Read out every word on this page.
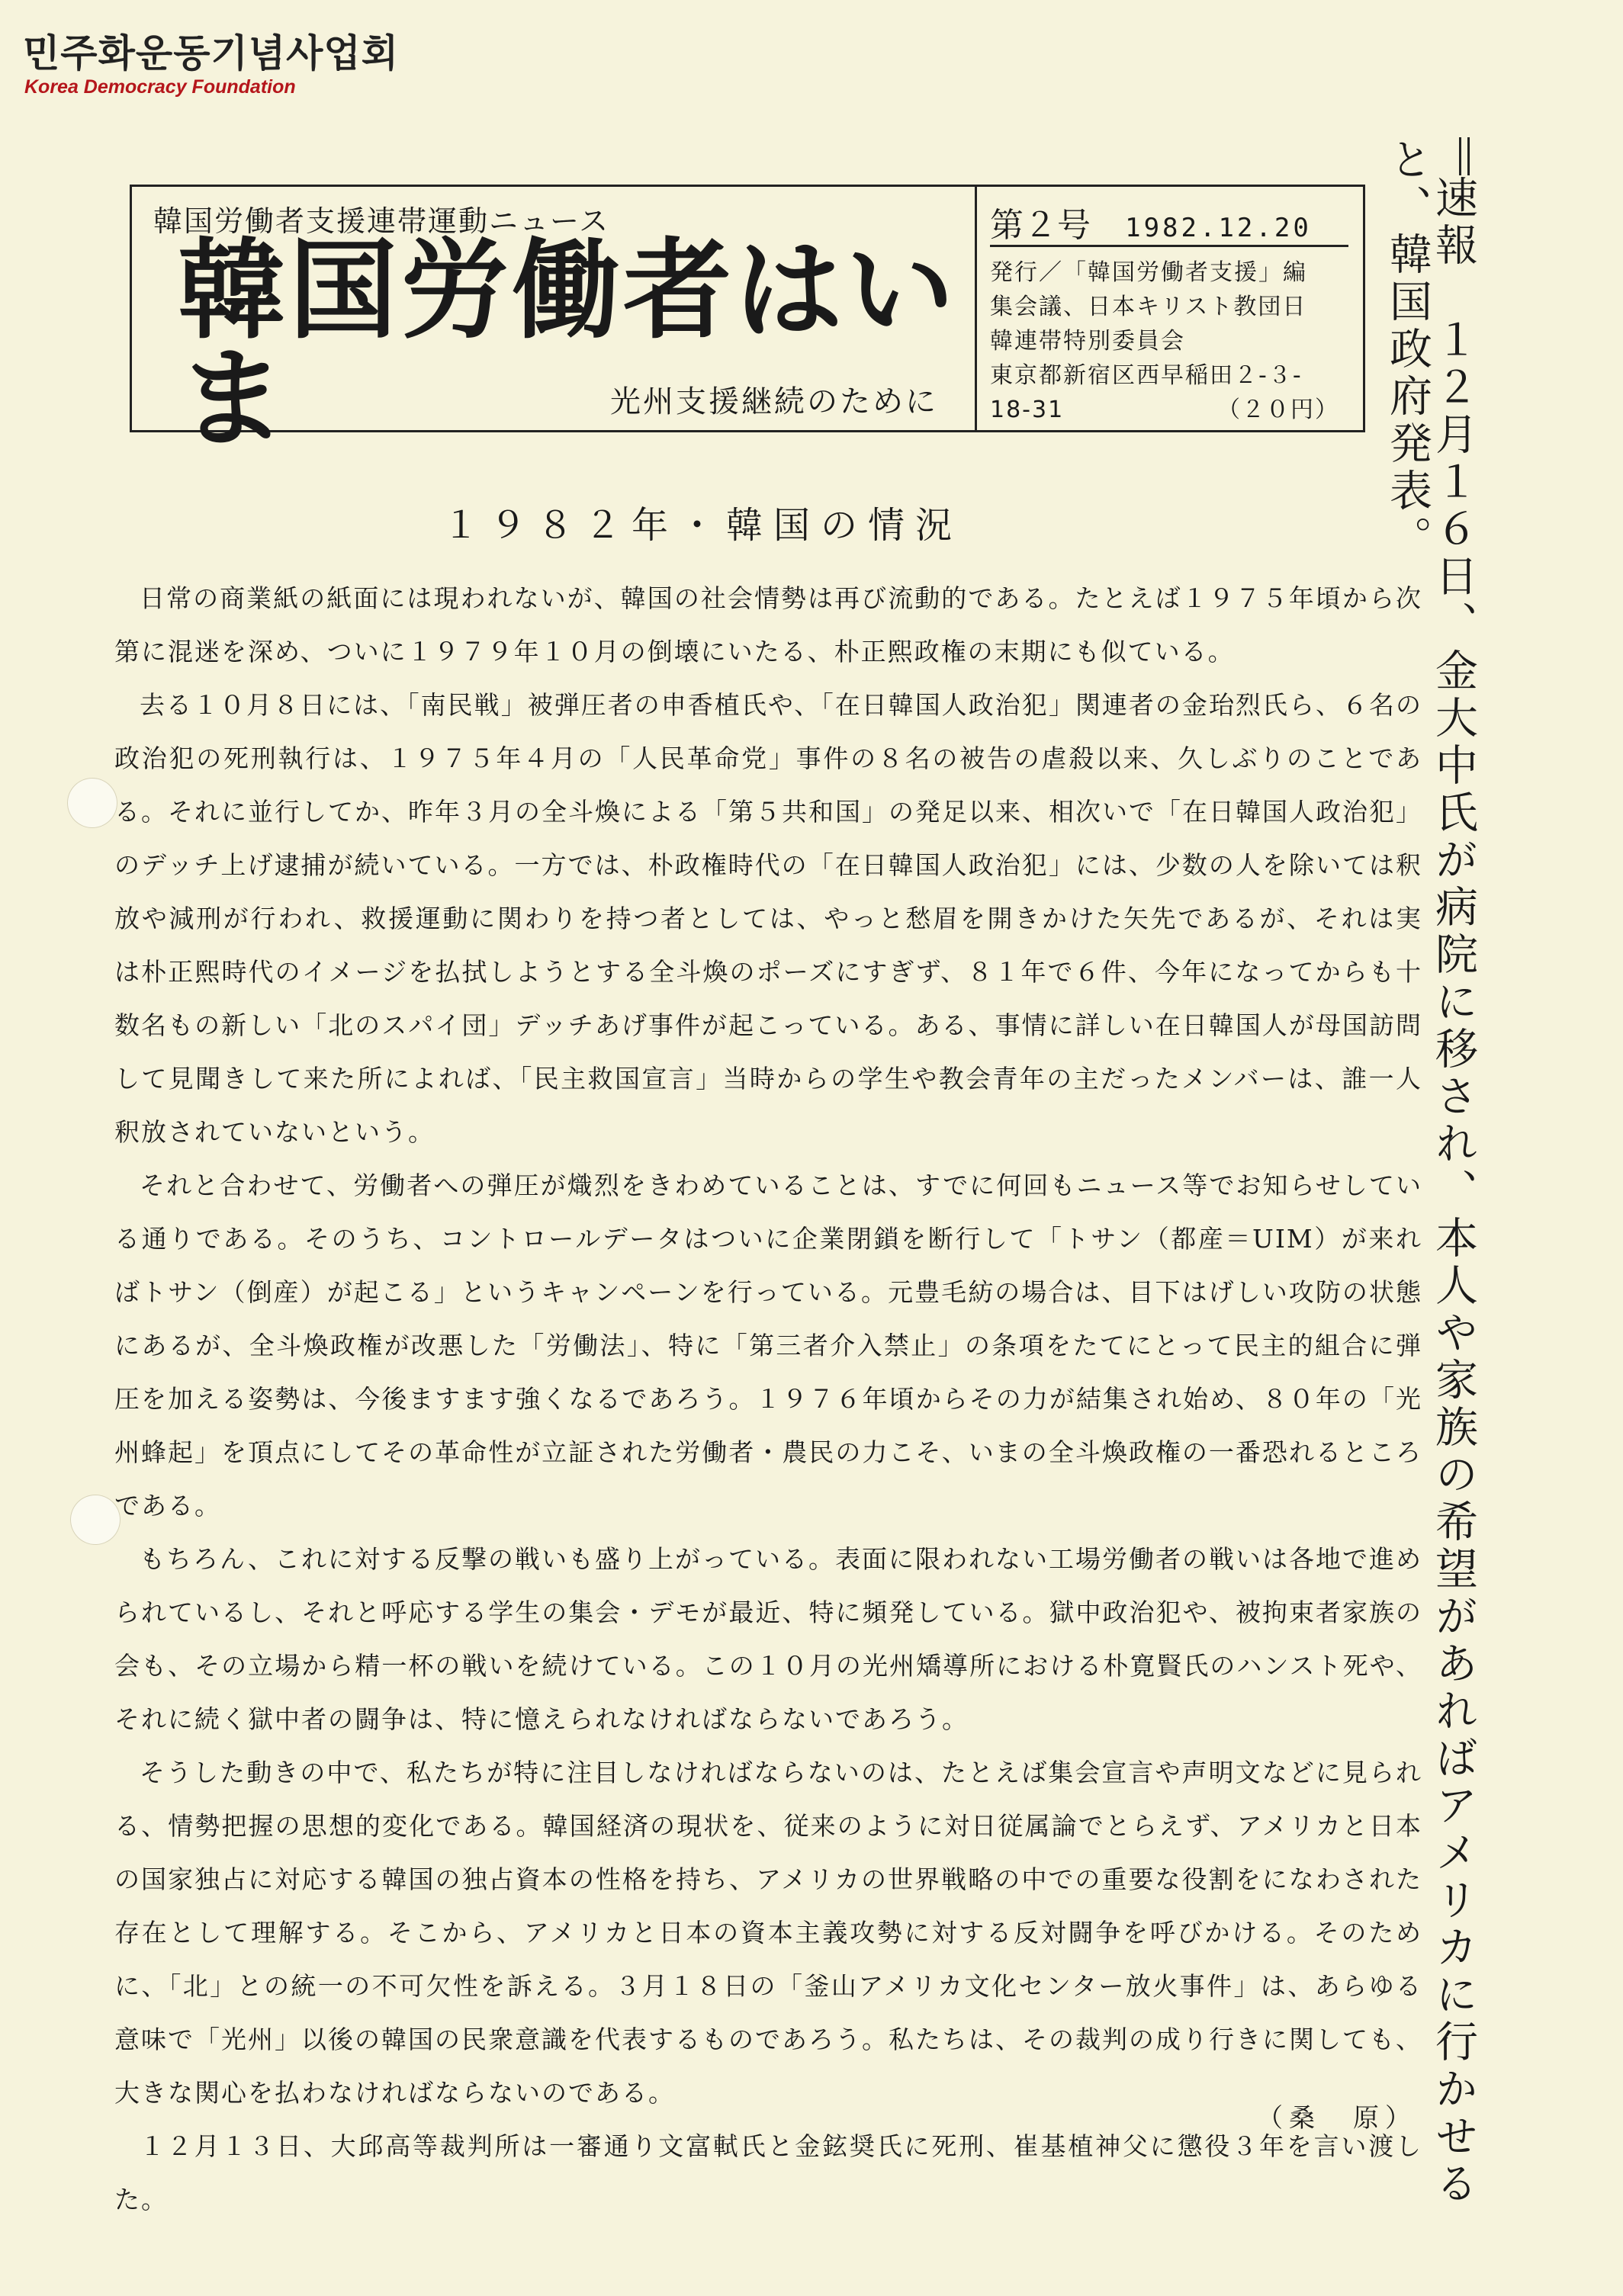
민주화운동기념사업회
Korea Democracy Foundation
韓国労働者支援連帯運動ニュース
韓国労働者はいま	光州支援継続のために
第２号 1982.12.20
発行／「韓国労働者支援」編
集会議、日本キリスト教団日
韓連帯特別委員会
東京都新宿区西早稲田２-３-
18-31	（２０円） 速報　１２月１６日、金大中氏が病院に移され、本人や家族の希望があればアメリカに行かせると、韓国政府発表。
１９８２年・韓国の情況

日常の商業紙の紙面には現われないが、韓国の社会情勢は再び流動的である。たとえば１９７５年頃から次第に混迷を深め、ついに１９７９年１０月の倒壊にいたる、朴正熙政権の末期にも似ている。

去る１０月８日には、「南民戦」被弾圧者の申香植氏や、「在日韓国人政治犯」関連者の金珆烈氏ら、６名の政治犯の死刑執行は、１９７５年４月の「人民革命党」事件の８名の被告の虐殺以来、久しぶりのことである。それに並行してか、昨年３月の全斗煥による「第５共和国」の発足以来、相次いで「在日韓国人政治犯」のデッチ上げ逮捕が続いている。一方では、朴政権時代の「在日韓国人政治犯」には、少数の人を除いては釈放や減刑が行われ、救援運動に関わりを持つ者としては、やっと愁眉を開きかけた矢先であるが、それは実は朴正熙時代のイメージを払拭しようとする全斗煥のポーズにすぎず、８１年で６件、今年になってからも十数名もの新しい「北のスパイ団」デッチあげ事件が起こっている。ある、事情に詳しい在日韓国人が母国訪問して見聞きして来た所によれば、「民主救国宣言」当時からの学生や教会青年の主だったメンバーは、誰一人釈放されていないという。

それと合わせて、労働者への弾圧が熾烈をきわめていることは、すでに何回もニュース等でお知らせしている通りである。そのうち、コントロールデータはついに企業閉鎖を断行して「トサン（都産＝UIM）が来ればトサン（倒産）が起こる」というキャンペーンを行っている。元豊毛紡の場合は、目下はげしい攻防の状態にあるが、全斗煥政権が改悪した「労働法」、特に「第三者介入禁止」の条項をたてにとって民主的組合に弾圧を加える姿勢は、今後ますます強くなるであろう。１９７６年頃からその力が結集され始め、８０年の「光州蜂起」を頂点にしてその革命性が立証された労働者・農民の力こそ、いまの全斗煥政権の一番恐れるところである。

もちろん、これに対する反撃の戦いも盛り上がっている。表面に限われない工場労働者の戦いは各地で進められているし、それと呼応する学生の集会・デモが最近、特に頻発している。獄中政治犯や、被拘束者家族の会も、その立場から精一杯の戦いを続けている。この１０月の光州矯導所における朴寛賢氏のハンスト死や、それに続く獄中者の闘争は、特に憶えられなければならないであろう。

そうした動きの中で、私たちが特に注目しなければならないのは、たとえば集会宣言や声明文などに見られる、情勢把握の思想的変化である。韓国経済の現状を、従来のように対日従属論でとらえず、アメリカと日本の国家独占に対応する韓国の独占資本の性格を持ち、アメリカの世界戦略の中での重要な役割をになわされた存在として理解する。そこから、アメリカと日本の資本主義攻勢に対する反対闘争を呼びかける。そのために、「北」との統一の不可欠性を訴える。３月１８日の「釜山アメリカ文化センター放火事件」は、あらゆる意味で「光州」以後の韓国の民衆意識を代表するものであろう。私たちは、その裁判の成り行きに関しても、大きな関心を払わなければならないのである。

１２月１３日、大邱高等裁判所は一審通り文富軾氏と金鉉奨氏に死刑、崔基植神父に懲役３年を言い渡した。

（桑　原）
